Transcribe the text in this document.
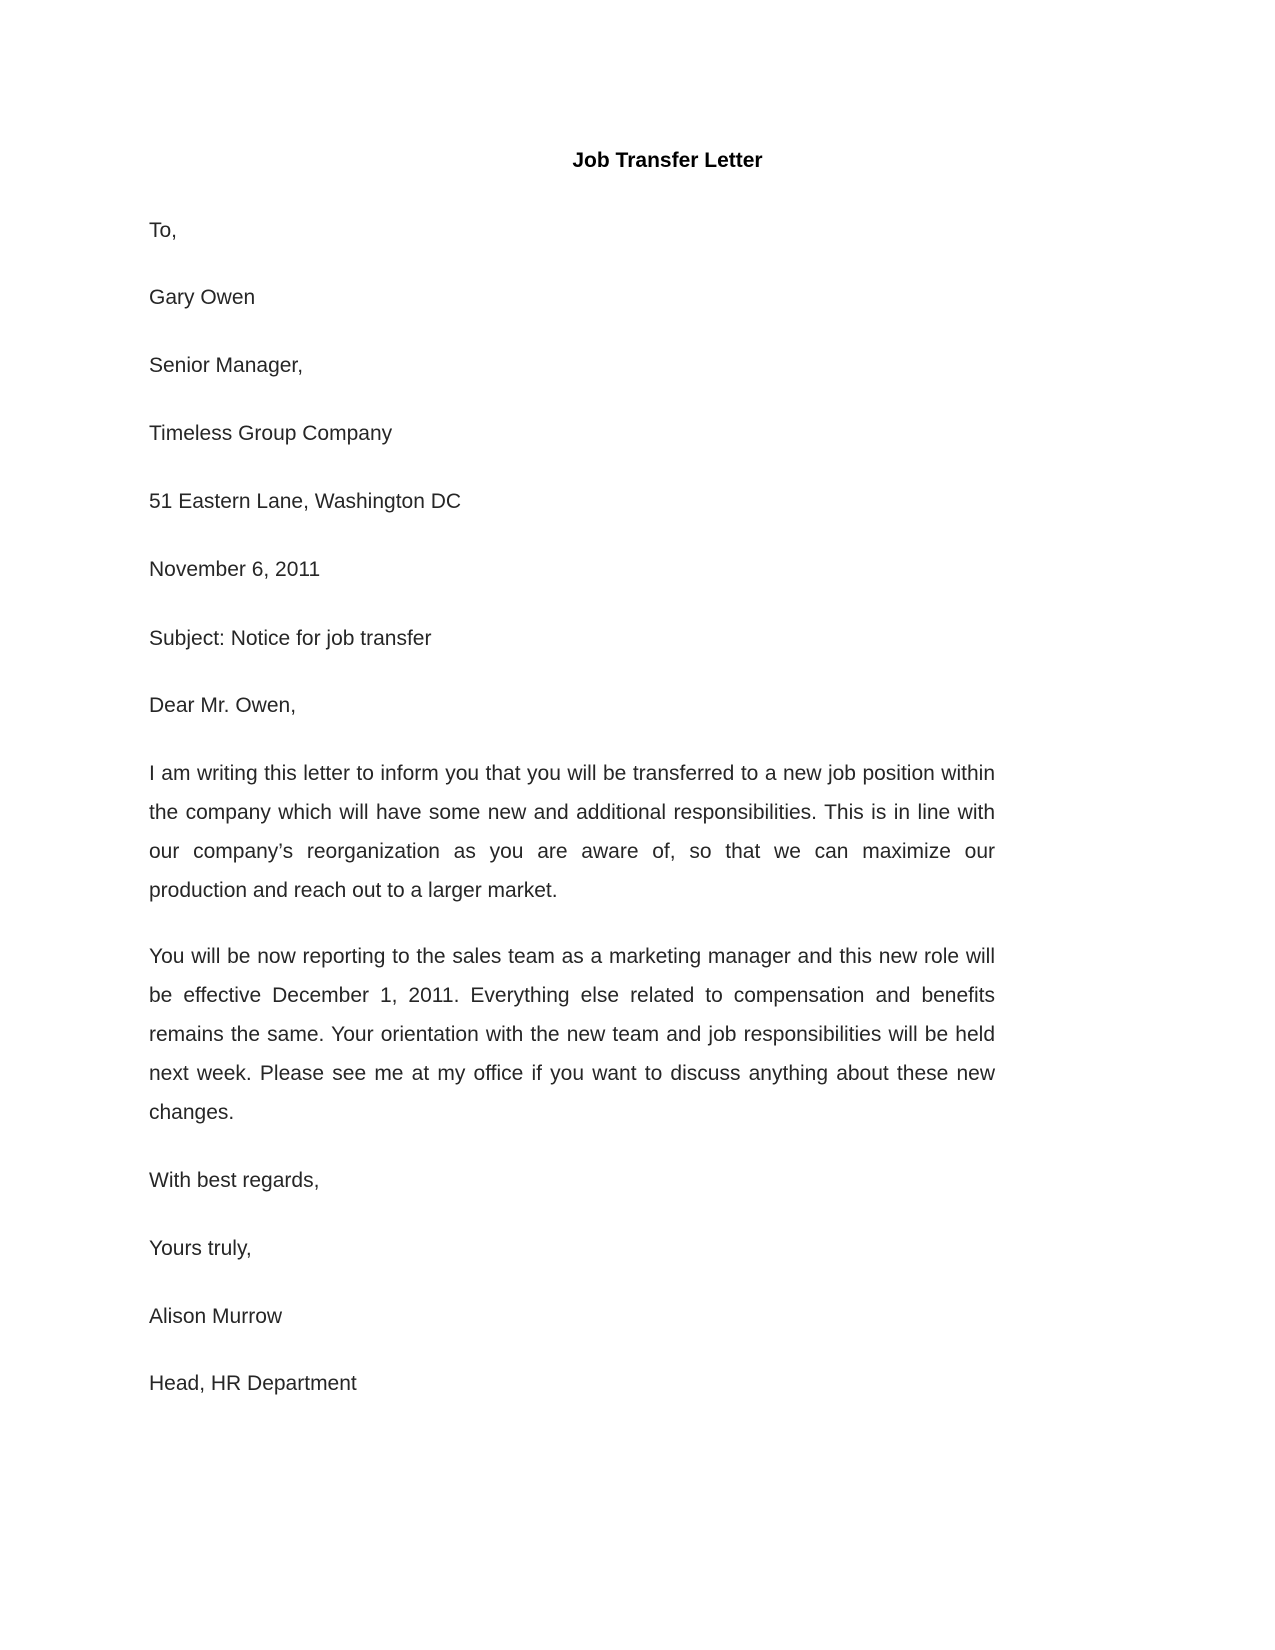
Job Transfer Letter

To,

Gary Owen

Senior Manager,

Timeless Group Company

51 Eastern Lane, Washington DC

November 6, 2011

Subject: Notice for job transfer

Dear Mr. Owen,

I am writing this letter to inform you that you will be transferred to a new job position within the company which will have some new and additional responsibilities. This is in line with our company’s reorganization as you are aware of, so that we can maximize our production and reach out to a larger market.

You will be now reporting to the sales team as a marketing manager and this new role will be effective December 1, 2011. Everything else related to compensation and benefits remains the same. Your orientation with the new team and job responsibilities will be held next week. Please see me at my office if you want to discuss anything about these new changes.

With best regards,

Yours truly,

Alison Murrow

Head, HR Department
